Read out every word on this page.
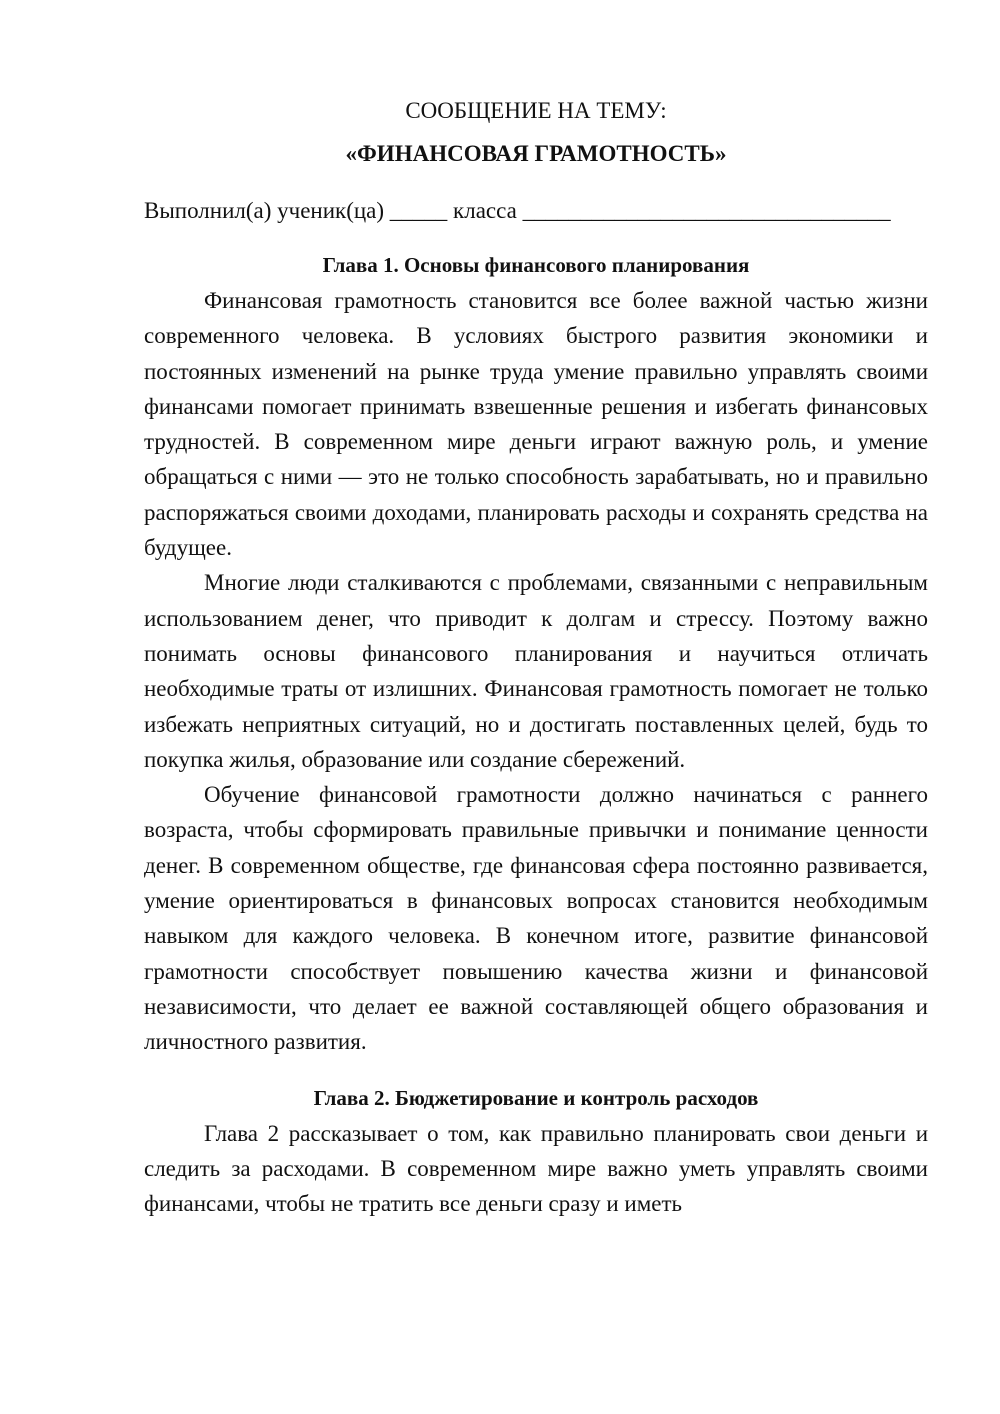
СООБЩЕНИЕ НА ТЕМУ:
«ФИНАНСОВАЯ ГРАМОТНОСТЬ»
Выполнил(а) ученик(ца) _____ класса ________________________________
Глава 1. Основы финансового планирования

Финансовая грамотность становится все более важной частью жизни современного человека. В условиях быстрого развития экономики и постоянных изменений на рынке труда умение правильно управлять своими финансами помогает принимать взвешенные решения и избегать финансовых трудностей. В современном мире деньги играют важную роль, и умение обращаться с ними — это не только способность зарабатывать, но и правильно распоряжаться своими доходами, планировать расходы и сохранять средства на будущее.

Многие люди сталкиваются с проблемами, связанными с неправильным использованием денег, что приводит к долгам и стрессу. Поэтому важно понимать основы финансового планирования и научиться отличать необходимые траты от излишних. Финансовая грамотность помогает не только избежать неприятных ситуаций, но и достигать поставленных целей, будь то покупка жилья, образование или создание сбережений.

Обучение финансовой грамотности должно начинаться с раннего возраста, чтобы сформировать правильные привычки и понимание ценности денег. В современном обществе, где финансовая сфера постоянно развивается, умение ориентироваться в финансовых вопросах становится необходимым навыком для каждого человека. В конечном итоге, развитие финансовой грамотности способствует повышению качества жизни и финансовой независимости, что делает ее важной составляющей общего образования и личностного развития.

Глава 2. Бюджетирование и контроль расходов

Глава 2 рассказывает о том, как правильно планировать свои деньги и следить за расходами. В современном мире важно уметь управлять своими финансами, чтобы не тратить все деньги сразу и иметь
